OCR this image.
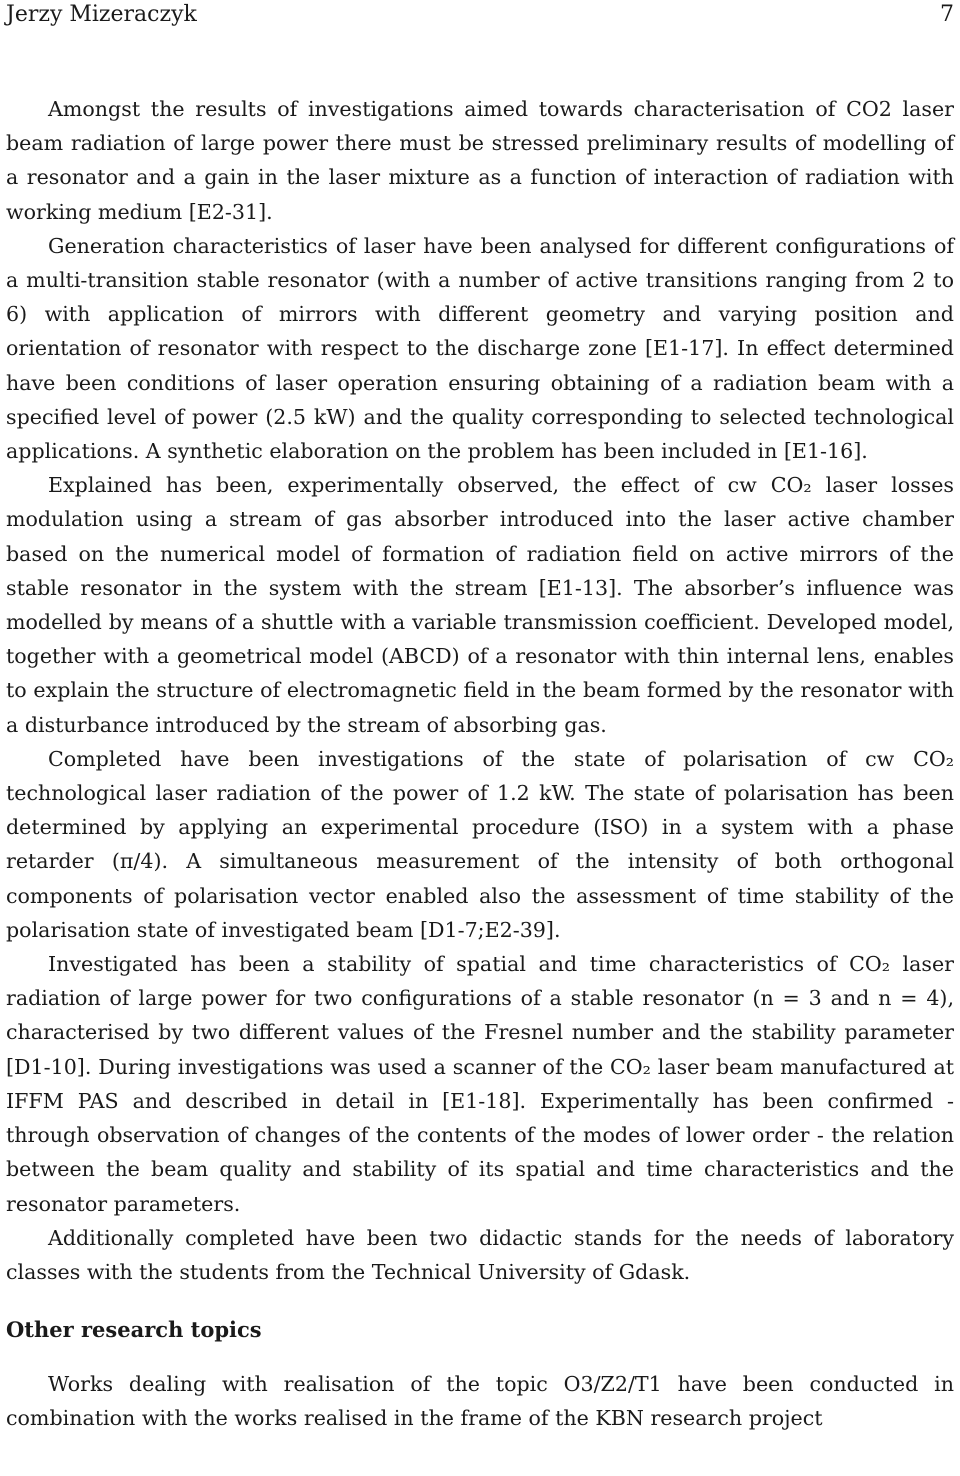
Jerzy Mizeraczyk	7

Amongst the results of investigations aimed towards characterisation of CO2 laser beam radiation of large power there must be stressed preliminary results of modelling of a resonator and a gain in the laser mixture as a function of interaction of radiation with working medium [E2-31].

Generation characteristics of laser have been analysed for different configurations of a multi-transition stable resonator (with a number of active transitions ranging from 2 to 6) with application of mirrors with different geometry and varying position and orientation of resonator with respect to the discharge zone [E1-17]. In effect determined have been conditions of laser operation ensuring obtaining of a radiation beam with a specified level of power (2.5 kW) and the quality corresponding to selected technological applications. A synthetic elaboration on the problem has been included in [E1-16].

Explained has been, experimentally observed, the effect of cw CO₂ laser losses modulation using a stream of gas absorber introduced into the laser active chamber based on the numerical model of formation of radiation field on active mirrors of the stable resonator in the system with the stream [E1-13]. The absorber’s influence was modelled by means of a shuttle with a variable transmission coefficient. Developed model, together with a geometrical model (ABCD) of a resonator with thin internal lens, enables to explain the structure of electromagnetic field in the beam formed by the resonator with a disturbance introduced by the stream of absorbing gas.

Completed have been investigations of the state of polarisation of cw CO₂ technological laser radiation of the power of 1.2 kW. The state of polarisation has been determined by applying an experimental procedure (ISO) in a system with a phase retarder (π/4). A simultaneous measurement of the intensity of both orthogonal components of polarisation vector enabled also the assessment of time stability of the polarisation state of investigated beam [D1-7;E2-39].

Investigated has been a stability of spatial and time characteristics of CO₂ laser radiation of large power for two configurations of a stable resonator (n = 3 and n = 4), characterised by two different values of the Fresnel number and the stability parameter [D1-10]. During investigations was used a scanner of the CO₂ laser beam manufactured at IFFM PAS and described in detail in [E1-18]. Experimentally has been confirmed - through observation of changes of the contents of the modes of lower order - the relation between the beam quality and stability of its spatial and time characteristics and the resonator parameters.

Additionally completed have been two didactic stands for the needs of laboratory classes with the students from the Technical University of Gdask.

Other research topics

Works dealing with realisation of the topic O3/Z2/T1 have been conducted in combination with the works realised in the frame of the KBN research project
